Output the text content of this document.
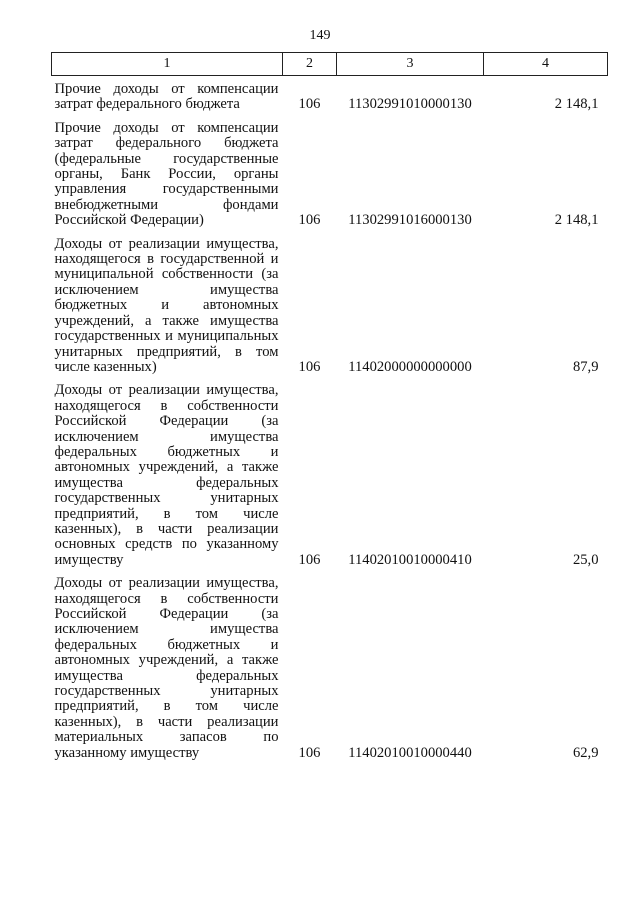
149
1	2	3	4
Прочие доходы от компенсации затрат федерального бюджета	106	11302991010000130	2 148,1
Прочие доходы от компенсации затрат федерального бюджета (федеральные государственные органы, Банк России, органы управления государственными внебюджетными фондами Российской Федерации)	106	11302991016000130	2 148,1
Доходы от реализации имущества, находящегося в государственной и муниципальной собственности (за исключением имущества бюджетных и автономных учреждений, а также имущества государственных и муниципальных унитарных предприятий, в том числе казенных)	106	11402000000000000	87,9
Доходы от реализации имущества, находящегося в собственности Российской Федерации (за исключением имущества федеральных бюджетных и автономных учреждений, а также имущества федеральных государственных унитарных предприятий, в том числе казенных), в части реализации основных средств по указанному имуществу	106	11402010010000410	25,0
Доходы от реализации имущества, находящегося в собственности Российской Федерации (за исключением имущества федеральных бюджетных и автономных учреждений, а также имущества федеральных государственных унитарных предприятий, в том числе казенных), в части реализации материальных запасов по указанному имуществу	106	11402010010000440	62,9
